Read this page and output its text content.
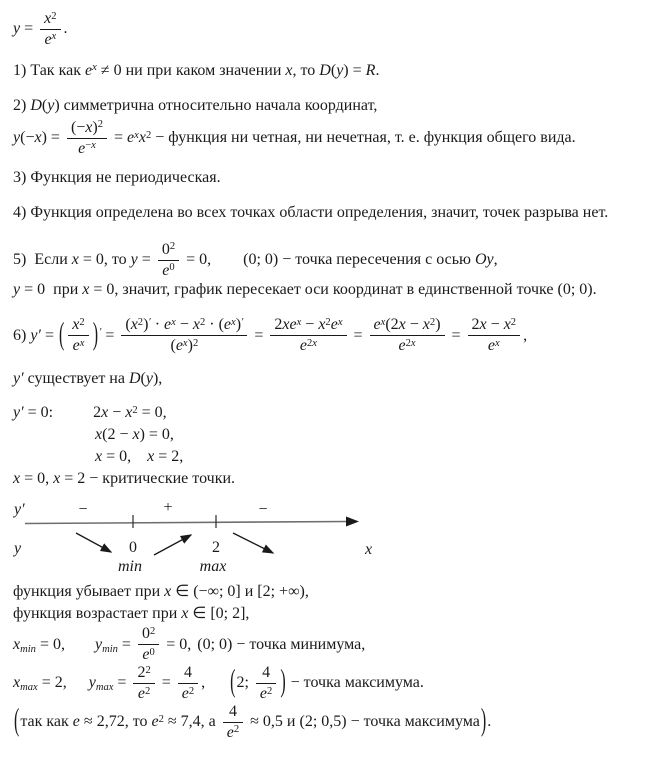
$y = \frac{x^2}{e^x}$ .
1) Так как $e^x \ne 0$ ни при каком значении x , то D(y) = R .
2) D(y) симметрична относительно начала координат,
$y(-x) = \frac{(-x)^2}{e^{-x}} = e^xx^2$ − функция ни четная, ни нечетная, т. е. функция общего вида.
3) Функция не периодическая.
4) Функция определена во всех точках области определения, значит, точек разрыва нет.
5)  Если x = 0 , то $y = \frac{0^2}{e^0} = 0$, (0; 0) − точка пересечения с осью Oy ,
y = 0 при x = 0 , значит, график пересекает оси координат в единственной точке (0; 0) .
6) y′ = ( $\frac{x^2}{e^x}$ ) $' = \frac{(x^2)' \cdot e^x - x^2 \cdot (e^x)'}{(e^x)^2} = \frac{2xe^x - x^2e^x}{e^{2x}} = \frac{e^x(2x - x^2)}{e^{2x}} = \frac{2x - x^2}{e^x}$ ,
y′ существует на D(y) ,
y′ = 0:	$2x - x^2 = 0$,
x(2 − x) = 0,
x = 0, x = 2,
x = 0, x = 2 − критические точки.
y′	−	+	−
y	0	2	x
min	max
функция убывает при x ∈ (−∞; 0] и [2; +∞) ,
функция возрастает при x ∈ [0; 2] ,
$x_{min} = 0$, $y_{min} = \frac{0^2}{e^0} = 0$, (0; 0) − точка минимума,
$x_{max} = 2$, $y_{max} = \frac{2^2}{e^2} = \frac{4}{e^2}$ , ( 2; $\frac{4}{e^2}$ ) − точка максимума.
( так как e ≈ 2,72 , то $e^2 \approx 7,4$ , а $\frac{4}{e^2} \approx 0,5$ и (2; 0,5) − точка максимума ) .
